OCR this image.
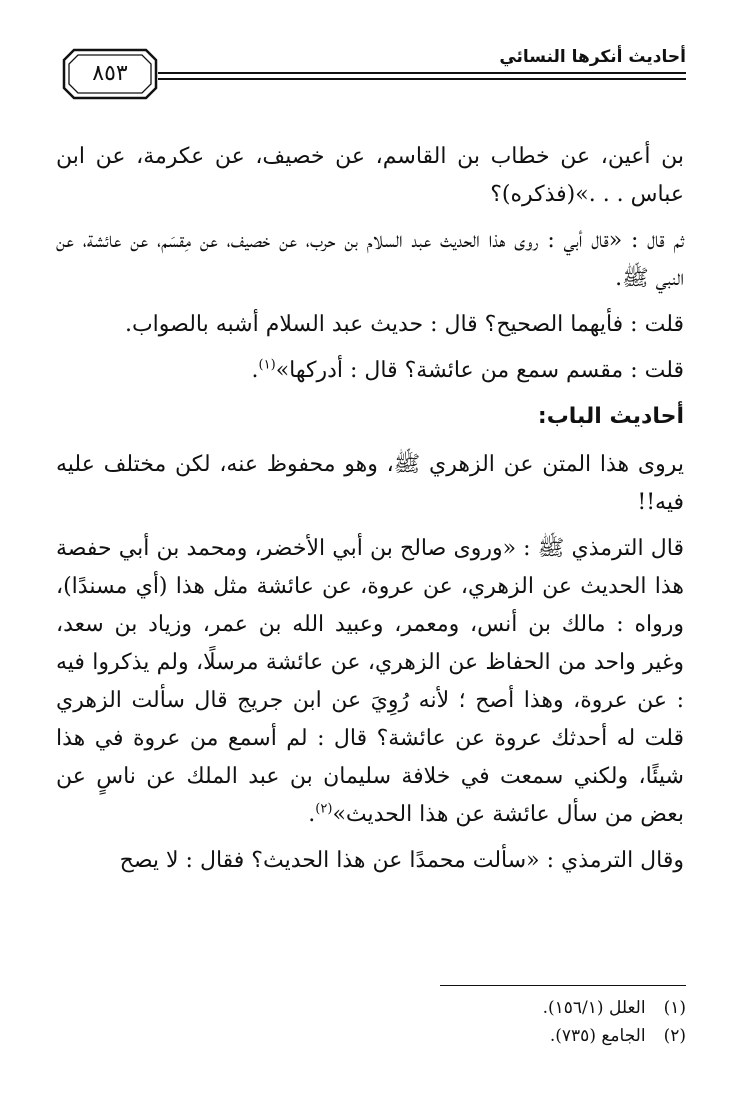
أحاديث أنكرها النسائي
٨٥٣

بن أعين، عن خطاب بن القاسم، عن خصيف، عن عكرمة، عن ابن عباس . . .»(فذكره)؟

ثم قال : «قال أبي : روى هذا الحديث عبد السلام بن حرب، عن خصيف، عن مِقسَم، عن عائشة، عن النبي ﷺ.

قلت : فأيهما الصحيح؟ قال : حديث عبد السلام أشبه بالصواب.

قلت : مقسم سمع من عائشة؟ قال : أدركها»$^{(١)}$.

أحاديث الباب:

يروى هذا المتن عن الزهري ﷺ، وهو محفوظ عنه، لكن مختلف عليه فيه!!

قال الترمذي ﷺ : «وروى صالح بن أبي الأخضر، ومحمد بن أبي حفصة هذا الحديث عن الزهري، عن عروة، عن عائشة مثل هذا (أي مسندًا)، ورواه : مالك بن أنس، ومعمر، وعبيد الله بن عمر، وزياد بن سعد، وغير واحد من الحفاظ عن الزهري، عن عائشة مرسلًا، ولم يذكروا فيه : عن عروة، وهذا أصح ؛ لأنه رُوِيَ عن ابن جريج قال سألت الزهري قلت له أحدثك عروة عن عائشة؟ قال : لم أسمع من عروة في هذا شيئًا، ولكني سمعت في خلافة سليمان بن عبد الملك عن ناسٍ عن بعض من سأل عائشة عن هذا الحديث»$^{(٢)}$.

وقال الترمذي : «سألت محمدًا عن هذا الحديث؟ فقال : لا يصح

(١)العلل (١٥٦/١).
(٢)الجامع (٧٣٥).
